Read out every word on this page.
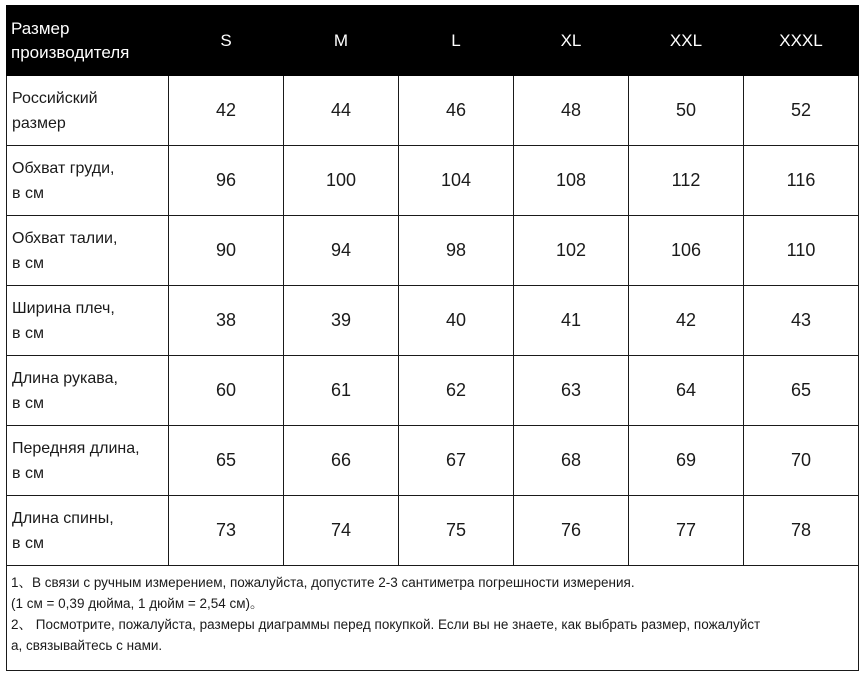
Размер
производителя	S	M	L	XL	XXL	XXXL
Российский
размер	42	44	46	48	50	52
Обхват груди,
в см	96	100	104	108	112	116
Обхват талии,
в см	90	94	98	102	106	110
Ширина плеч,
в см	38	39	40	41	42	43
Длина рукава,
в см	60	61	62	63	64	65
Передняя длина,
в см	65	66	67	68	69	70
Длина спины,
в см	73	74	75	76	77	78

1、В связи с ручным измерением, пожалуйста, допустите 2-3 сантиметра погрешности измерения.
(1 см = 0,39 дюйма, 1 дюйм = 2,54 см)。
2、 Посмотрите, пожалуйста, размеры диаграммы перед покупкой. Если вы не знаете, как выбрать размер, пожалуйст
а, связывайтесь с нами.						
